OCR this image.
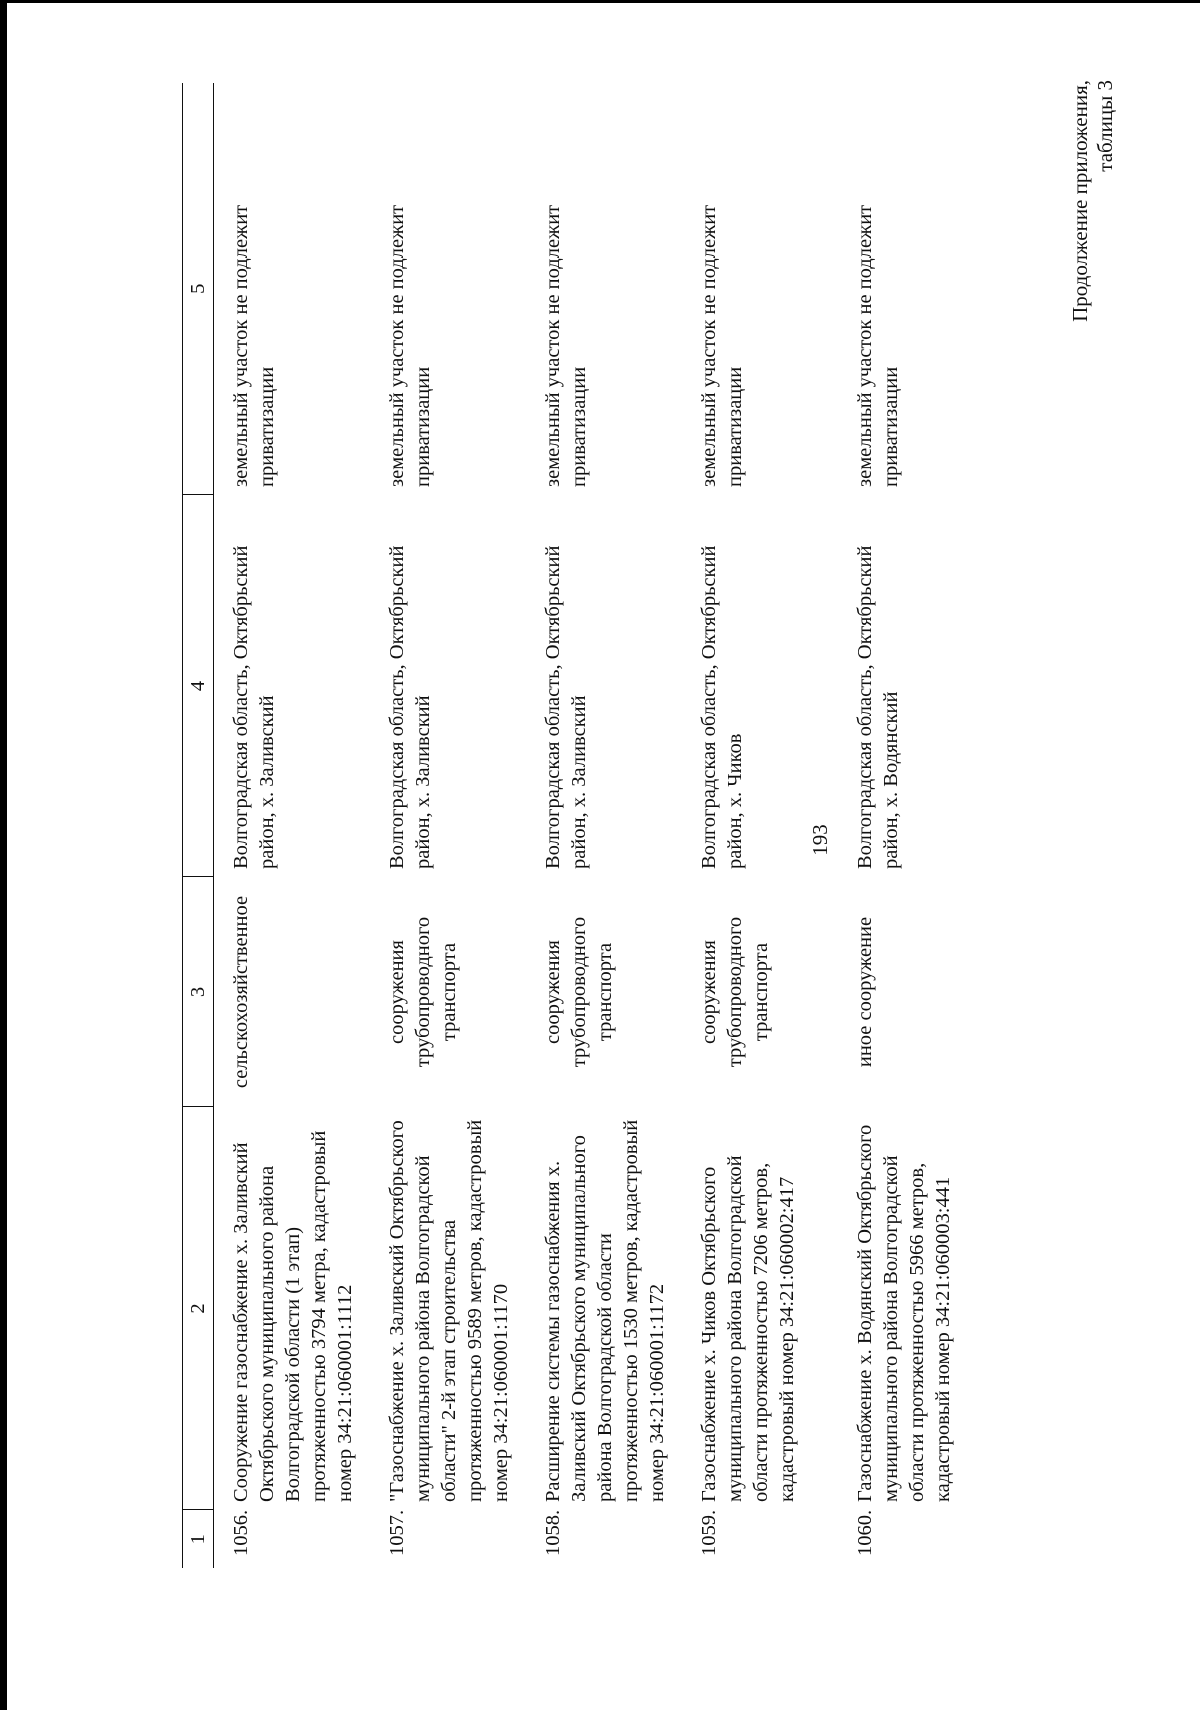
193
Продолжение приложения, таблицы 3
1	2	3	4	5
1056.	Сооружение газоснабжение х. Заливский Октябрьского муниципального района Волгоградской области (1 этап) протяженностью 3794 метра, кадастровый номер 34:21:060001:1112	сельскохозяйственное	Волгоградская область, Октябрьский район, х. Заливский	земельный участок не подлежит приватизации
1057.	"Газоснабжение х. Заливский Октябрьского муниципального района Волгоградской области" 2-й этап строительства протяженностью 9589 метров, кадастровый номер 34:21:060001:1170	сооружения трубопроводного транспорта	Волгоградская область, Октябрьский район, х. Заливский	земельный участок не подлежит приватизации
1058.	Расширение системы газоснабжения х. Заливский Октябрьского муниципального района Волгоградской области протяженностью 1530 метров, кадастровый номер 34:21:060001:1172	сооружения трубопроводного транспорта	Волгоградская область, Октябрьский район, х. Заливский	земельный участок не подлежит приватизации
1059.	Газоснабжение х. Чиков Октябрьского муниципального района Волгоградской области протяженностью 7206 метров, кадастровый номер 34:21:060002:417	сооружения трубопроводного транспорта	Волгоградская область, Октябрьский район, х. Чиков	земельный участок не подлежит приватизации
1060.	Газоснабжение х. Водянский Октябрьского муниципального района Волгоградской области протяженностью 5966 метров, кадастровый номер 34:21:060003:441	иное сооружение	Волгоградская область, Октябрьский район, х. Водянский	земельный участок не подлежит приватизации
